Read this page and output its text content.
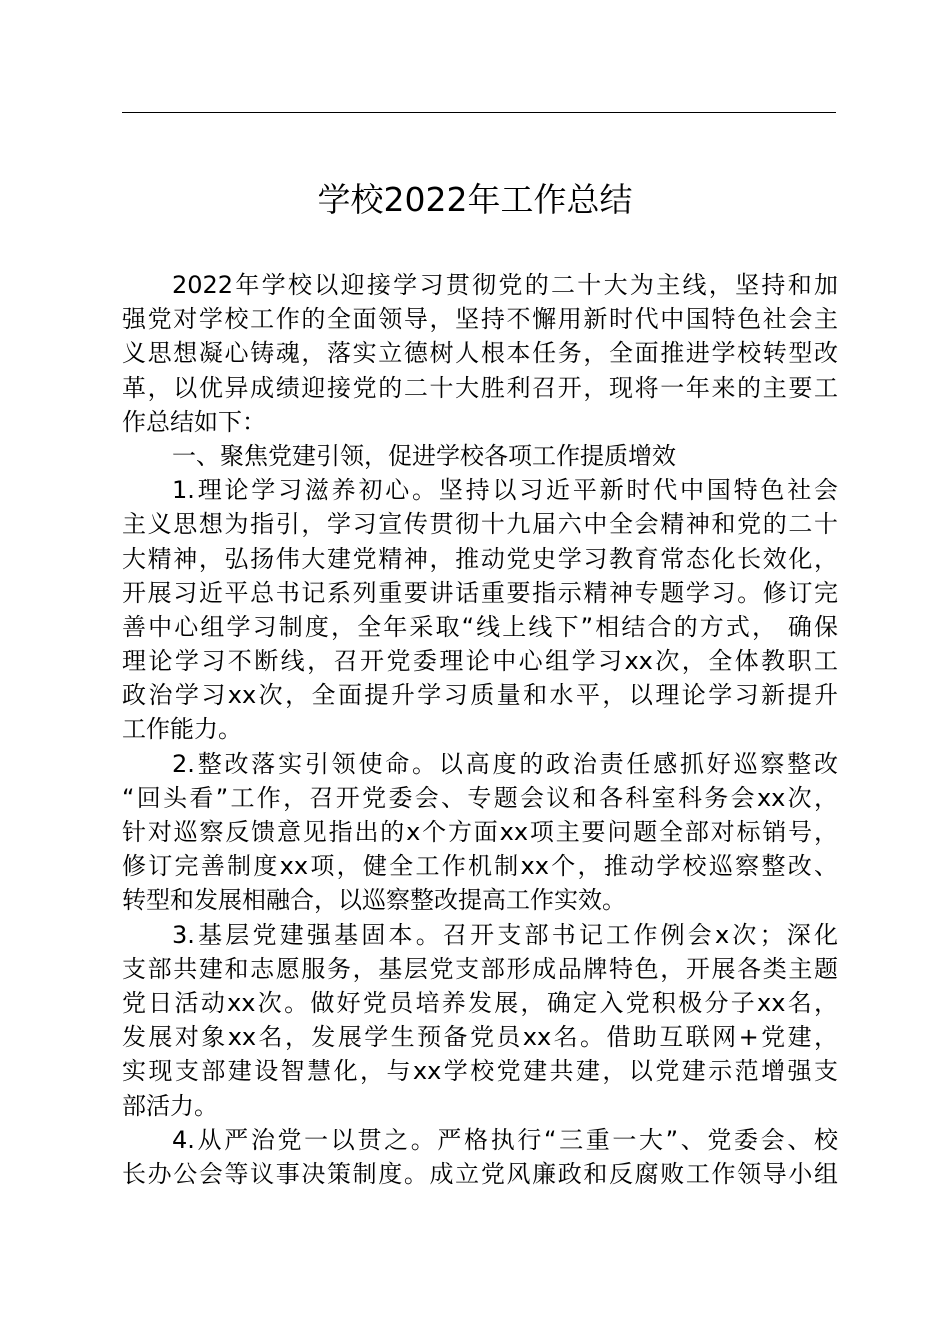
学校2022年工作总结
2022年学校以迎接学习贯彻党的二十大为主线，坚持和加
强党对学校工作的全面领导，坚持不懈用新时代中国特色社会主
义思想凝心铸魂，落实立德树人根本任务，全面推进学校转型改
革，以优异成绩迎接党的二十大胜利召开，现将一年来的主要工
作总结如下：
一、聚焦党建引领，促进学校各项工作提质增效
1.理论学习滋养初心。坚持以习近平新时代中国特色社会
主义思想为指引，学习宣传贯彻十九届六中全会精神和党的二十
大精神，弘扬伟大建党精神，推动党史学习教育常态化长效化，
开展习近平总书记系列重要讲话重要指示精神专题学习。修订完
善中心组学习制度，全年采取“线上线下”相结合的方式， 确保
理论学习不断线，召开党委理论中心组学习xx次，全体教职工
政治学习xx次，全面提升学习质量和水平，以理论学习新提升
工作能力。
2.整改落实引领使命。以高度的政治责任感抓好巡察整改
“回头看”工作，召开党委会、专题会议和各科室科务会xx次，
针对巡察反馈意见指出的x个方面xx项主要问题全部对标销号，
修订完善制度xx项，健全工作机制xx个，推动学校巡察整改、
转型和发展相融合，以巡察整改提高工作实效。
3.基层党建强基固本。召开支部书记工作例会x次；深化
支部共建和志愿服务，基层党支部形成品牌特色，开展各类主题
党日活动xx次。做好党员培养发展，确定入党积极分子xx名，
发展对象xx名，发展学生预备党员xx名。借助互联网+党建，
实现支部建设智慧化，与xx学校党建共建，以党建示范增强支
部活力。
4.从严治党一以贯之。严格执行“三重一大”、党委会、校
长办公会等议事决策制度。成立党风廉政和反腐败工作领导小组
